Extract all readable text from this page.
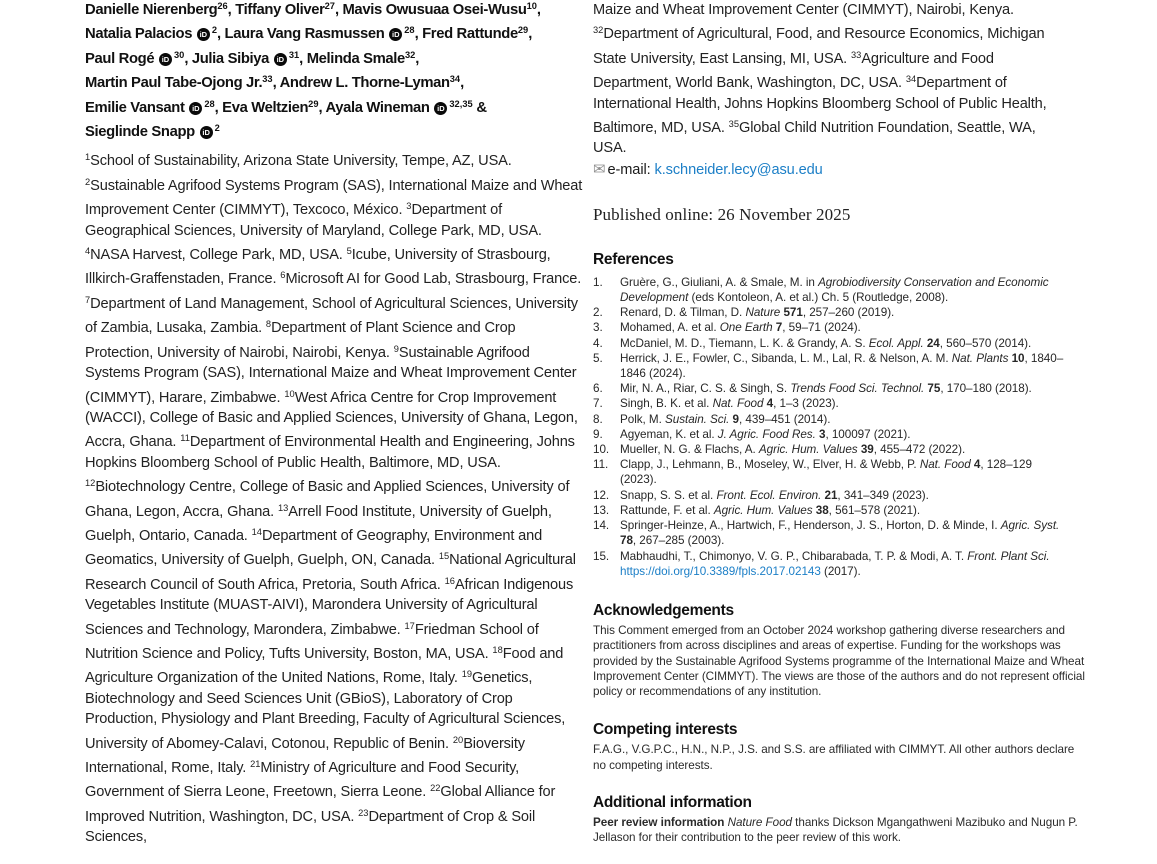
Danielle Nierenberg$^{26}$, Tiffany Oliver$^{27}$, Mavis Owusuaa Osei-Wusu$^{10}$,
Natalia Palacios iD $^2$, Laura Vang Rasmussen iD $^{28}$, Fred Rattunde$^{29}$,
Paul Rogé iD $^{30}$, Julia Sibiya iD $^{31}$, Melinda Smale$^{32}$,
Martin Paul Tabe-Ojong Jr.$^{33}$, Andrew L. Thorne-Lyman$^{34}$,
Emilie Vansant iD $^{28}$, Eva Weltzien$^{29}$, Ayala Wineman iD $^{32,35}$ &
Sieglinde Snapp iD $^2$
$^1$School of Sustainability, Arizona State University, Tempe, AZ, USA. $^2$Sustainable Agrifood Systems Program (SAS), International Maize and Wheat Improvement Center (CIMMYT), Texcoco, México. $^3$Department of Geographical Sciences, University of Maryland, College Park, MD, USA. $^4$NASA Harvest, College Park, MD, USA. $^5$Icube, University of Strasbourg, Illkirch-Graffenstaden, France. $^6$Microsoft AI for Good Lab, Strasbourg, France. $^7$Department of Land Management, School of Agricultural Sciences, University of Zambia, Lusaka, Zambia. $^8$Department of Plant Science and Crop Protection, University of Nairobi, Nairobi, Kenya. $^9$Sustainable Agrifood Systems Program (SAS), International Maize and Wheat Improvement Center (CIMMYT), Harare, Zimbabwe. $^{10}$West Africa Centre for Crop Improvement (WACCI), College of Basic and Applied Sciences, University of Ghana, Legon, Accra, Ghana. $^{11}$Department of Environmental Health and Engineering, Johns Hopkins Bloomberg School of Public Health, Baltimore, MD, USA. $^{12}$Biotechnology Centre, College of Basic and Applied Sciences, University of Ghana, Legon, Accra, Ghana. $^{13}$Arrell Food Institute, University of Guelph, Guelph, Ontario, Canada. $^{14}$Department of Geography, Environment and Geomatics, University of Guelph, Guelph, ON, Canada. $^{15}$National Agricultural Research Council of South Africa, Pretoria, South Africa. $^{16}$African Indigenous Vegetables Institute (MUAST-AIVI), Marondera University of Agricultural Sciences and Technology, Marondera, Zimbabwe. $^{17}$Friedman School of Nutrition Science and Policy, Tufts University, Boston, MA, USA. $^{18}$Food and Agriculture Organization of the United Nations, Rome, Italy. $^{19}$Genetics, Biotechnology and Seed Sciences Unit (GBioS), Laboratory of Crop Production, Physiology and Plant Breeding, Faculty of Agricultural Sciences, University of Abomey-Calavi, Cotonou, Republic of Benin. $^{20}$Bioversity International, Rome, Italy. $^{21}$Ministry of Agriculture and Food Security, Government of Sierra Leone, Freetown, Sierra Leone. $^{22}$Global Alliance for Improved Nutrition, Washington, DC, USA. $^{23}$Department of Crop & Soil Sciences,
Maize and Wheat Improvement Center (CIMMYT), Nairobi, Kenya. $^{32}$Department of Agricultural, Food, and Resource Economics, Michigan State University, East Lansing, MI, USA. $^{33}$Agriculture and Food Department, World Bank, Washington, DC, USA. $^{34}$Department of International Health, Johns Hopkins Bloomberg School of Public Health, Baltimore, MD, USA. $^{35}$Global Child Nutrition Foundation, Seattle, WA, USA.
✉ e-mail: k.schneider.lecy@asu.edu
Published online: 26 November 2025
References
1.	Gruère, G., Giuliani, A. & Smale, M. in Agrobiodiversity Conservation and Economic Development (eds Kontoleon, A. et al.) Ch. 5 (Routledge, 2008).
2.	Renard, D. & Tilman, D. Nature 571, 257–260 (2019).
3.	Mohamed, A. et al. One Earth 7, 59–71 (2024).
4.	McDaniel, M. D., Tiemann, L. K. & Grandy, A. S. Ecol. Appl. 24, 560–570 (2014).
5.	Herrick, J. E., Fowler, C., Sibanda, L. M., Lal, R. & Nelson, A. M. Nat. Plants 10, 1840–1846 (2024).
6.	Mir, N. A., Riar, C. S. & Singh, S. Trends Food Sci. Technol. 75, 170–180 (2018).
7.	Singh, B. K. et al. Nat. Food 4, 1–3 (2023).
8.	Polk, M. Sustain. Sci. 9, 439–451 (2014).
9.	Agyeman, K. et al. J. Agric. Food Res. 3, 100097 (2021).
10. Mueller, N. G. & Flachs, A. Agric. Hum. Values 39, 455–472 (2022).
11.	Clapp, J., Lehmann, B., Moseley, W., Elver, H. & Webb, P. Nat. Food 4, 128–129 (2023).
12. Snapp, S. S. et al. Front. Ecol. Environ. 21, 341–349 (2023).
13. Rattunde, F. et al. Agric. Hum. Values 38, 561–578 (2021).
14. Springer-Heinze, A., Hartwich, F., Henderson, J. S., Horton, D. & Minde, I. Agric. Syst. 78, 267–285 (2003).
15. Mabhaudhi, T., Chimonyo, V. G. P., Chibarabada, T. P. & Modi, A. T. Front. Plant Sci. https://doi.org/10.3389/fpls.2017.02143 (2017).
Acknowledgements
This Comment emerged from an October 2024 workshop gathering diverse researchers and practitioners from across disciplines and areas of expertise. Funding for the workshops was provided by the Sustainable Agrifood Systems programme of the International Maize and Wheat Improvement Center (CIMMYT). The views are those of the authors and do not represent official policy or recommendations of any institution.
Competing interests
F.A.G., V.G.P.C., H.N., N.P., J.S. and S.S. are affiliated with CIMMYT. All other authors declare no competing interests.
Additional information
Peer review information Nature Food thanks Dickson Mgangathweni Mazibuko and Nugun P. Jellason for their contribution to the peer review of this work.
